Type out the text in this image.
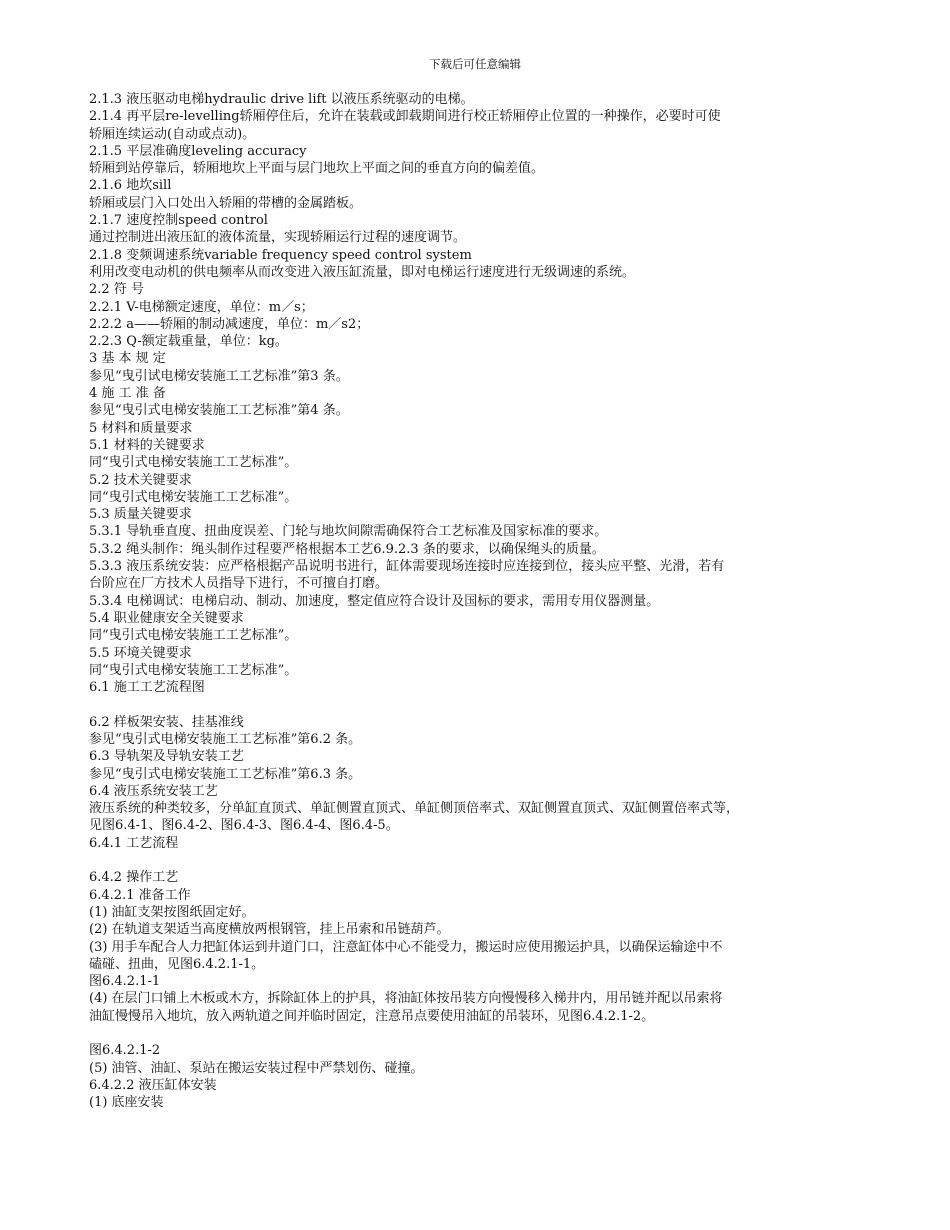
下载后可任意编辑
2.1.3 液压驱动电梯hydraulic drive lift 以液压系统驱动的电梯。
2.1.4 再平层re-levelling轿厢停住后，允许在装载或卸载期间进行校正轿厢停止位置的一种操作，必要时可使
轿厢连续运动(自动或点动)。
2.1.5 平层准确度leveling accuracy
轿厢到站停靠后，轿厢地坎上平面与层门地坎上平面之间的垂直方向的偏差值。
2.1.6 地坎sill
轿厢或层门入口处出入轿厢的带槽的金属踏板。
2.1.7 速度控制speed control
通过控制进出液压缸的液体流量，实现轿厢运行过程的速度调节。
2.1.8 变频调速系统variable frequency speed control system
利用改变电动机的供电频率从而改变进入液压缸流量，即对电梯运行速度进行无级调速的系统。
2.2 符 号
2.2.1 V-电梯额定速度，单位：m／s；
2.2.2 a——轿厢的制动减速度，单位：m／s2；
2.2.3 Q-额定载重量，单位：kg。
3 基 本 规 定
参见“曳引试电梯安装施工工艺标准”第3 条。
4 施 工 准 备
参见“曳引式电梯安装施工工艺标准”第4 条。
5 材料和质量要求
5.1 材料的关键要求
同“曳引式电梯安装施工工艺标准”。
5.2 技术关键要求
同“曳引式电梯安装施工工艺标准”。
5.3 质量关键要求
5.3.1 导轨垂直度、扭曲度误差、门轮与地坎间隙需确保符合工艺标准及国家标准的要求。
5.3.2 绳头制作：绳头制作过程要严格根据本工艺6.9.2.3 条的要求，以确保绳头的质量。
5.3.3 液压系统安装：应严格根据产品说明书进行，缸体需要现场连接时应连接到位，接头应平整、光滑，若有
台阶应在厂方技术人员指导下进行，不可擅自打磨。
5.3.4 电梯调试：电梯启动、制动、加速度，整定值应符合设计及国标的要求，需用专用仪器测量。
5.4 职业健康安全关键要求
同“曳引式电梯安装施工工艺标准”。
5.5 环境关键要求
同“曳引式电梯安装施工工艺标准”。
6.1 施工工艺流程图
6.2 样板架安装、挂基准线
参见“曳引式电梯安装施工工艺标准”第6.2 条。
6.3 导轨架及导轨安装工艺
参见“曳引式电梯安装施工工艺标准”第6.3 条。
6.4 液压系统安装工艺
液压系统的种类较多，分单缸直顶式、单缸侧置直顶式、单缸侧顶倍率式、双缸侧置直顶式、双缸侧置倍率式等，
见图6.4-1、图6.4-2、图6.4-3、图6.4-4、图6.4-5。
6.4.1 工艺流程
6.4.2 操作工艺
6.4.2.1 准备工作
(1) 油缸支架按图纸固定好。
(2) 在轨道支架适当高度横放两根钢管，挂上吊索和吊链葫芦。
(3) 用手车配合人力把缸体运到井道门口，注意缸体中心不能受力，搬运时应使用搬运护具，以确保运输途中不
磕碰、扭曲，见图6.4.2.1-1。
图6.4.2.1-1
(4) 在层门口铺上木板或木方，拆除缸体上的护具，将油缸体按吊装方向慢慢移入梯井内，用吊链并配以吊索将
油缸慢慢吊入地坑，放入两轨道之间并临时固定，注意吊点要使用油缸的吊装环，见图6.4.2.1-2。
图6.4.2.1-2
(5) 油管、油缸、泵站在搬运安装过程中严禁划伤、碰撞。
6.4.2.2 液压缸体安装
(1) 底座安装
